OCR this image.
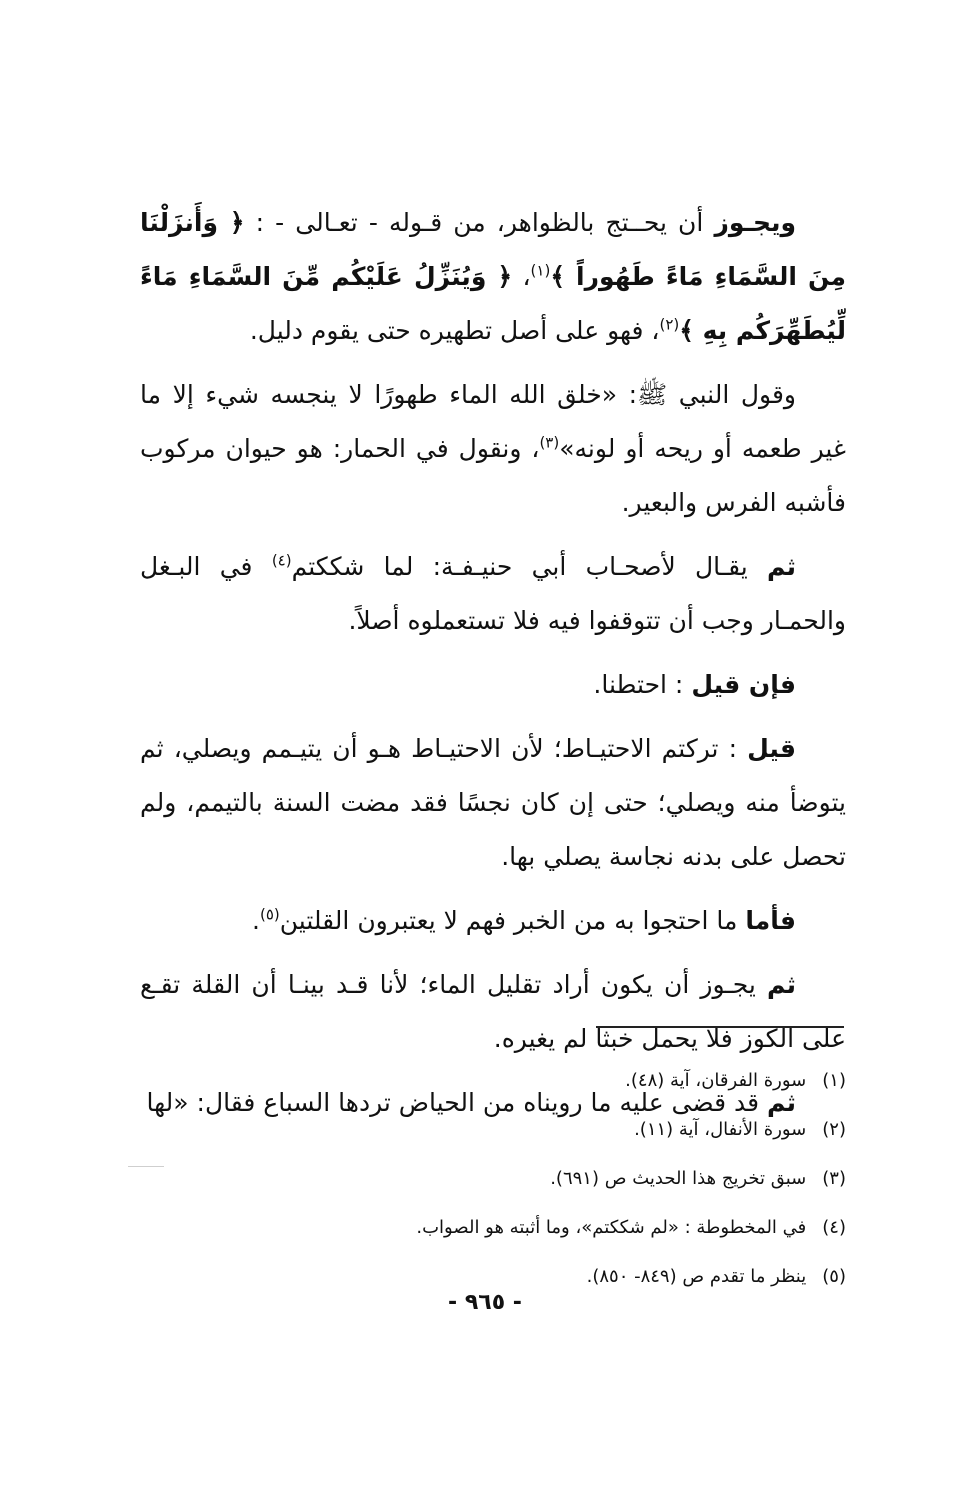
  ويجـوز أن يحــتج بالظواهر، من قـوله - تعـالى - : ﴿ وَأَنزَلْنَا مِنَ السَّمَاءِ مَاءً طَهُوراً ﴾$^{(١)}$، ﴿ وَيُنَزِّلُ عَلَيْكُم مِّنَ السَّمَاءِ مَاءً لِّيُطَهِّرَكُم بِهِ ﴾$^{(٢)}$، فهو على أصل تطهيره حتى يقوم دليل.

  وقول النبي ﷺ: «خلق الله الماء طهورًا لا ينجسه شيء إلا ما غير طعمه أو ريحه أو لونه»$^{(٣)}$، ونقول في الحمار: هو حيوان مركوب فأشبه الفرس والبعير.

  ثم يقـال لأصحـاب أبي حنيـفـة: لما شككتم$^{(٤)}$ في البـغل والحمـار وجب أن تتوقفوا فيه فلا تستعملوه أصلاً.

  فإن قيل : احتطنا.

  قيل : تركتم الاحتيـاط؛ لأن الاحتيـاط هـو أن يتيـمم ويصلي، ثم يتوضأ منه ويصلي؛ حتى إن كان نجسًا فقد مضت السنة بالتيمم، ولم تحصل على بدنه نجاسة يصلي بها.

  فأما ما احتجوا به من الخبر فهم لا يعتبرون القلتين$^{(٥)}$.

  ثم يجـوز أن يكون أراد تقليل الماء؛ لأنا قـد بينـا أن القلة تقـع على الكوز فلا يحمل خبثا لم يغيره.

  ثم قد قضى عليه ما رويناه من الحياض تردها السباع فقال: «لها

(١) سورة الفرقان، آية (٤٨).
(٢) سورة الأنفال، آية (١١).
(٣) سبق تخريج هذا الحديث ص (٦٩١).
(٤) في المخطوطة : «لم شككتم»، وما أثبته هو الصواب.
(٥) ينظر ما تقدم ص (٨٤٩- ٨٥٠).
- ٩٦٥ -
